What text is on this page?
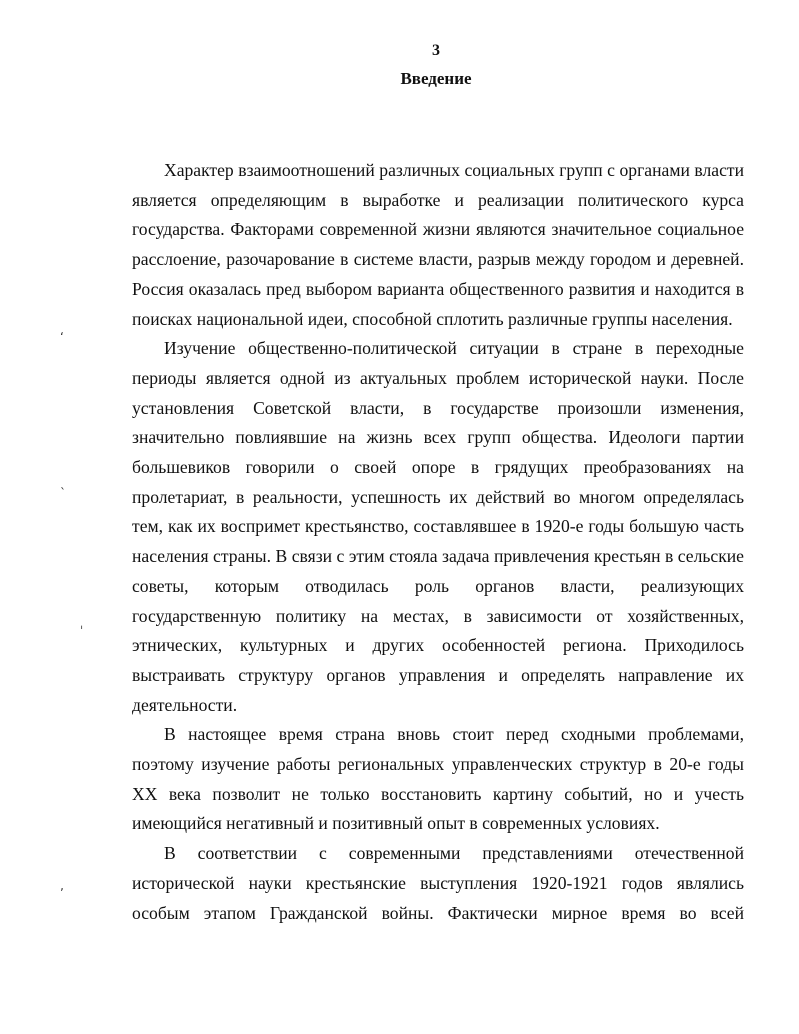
3
Введение

Характер взаимоотношений различных социальных групп с органами власти является определяющим в выработке и реализации политического курса государства. Факторами современной жизни являются значительное социальное расслоение, разочарование в системе власти, разрыв между городом и деревней. Россия оказалась пред выбором варианта общественного развития и находится в поисках национальной идеи, способной сплотить различные группы населения.

Изучение общественно-политической ситуации в стране в переходные периоды является одной из актуальных проблем исторической науки. После установления Советской власти, в государстве произошли изменения, значительно повлиявшие на жизнь всех групп общества. Идеологи партии большевиков говорили о своей опоре в грядущих преобразованиях на пролетариат, в реальности, успешность их действий во многом определялась тем, как их воспримет крестьянство, составлявшее в 1920-е годы большую часть населения страны. В связи с этим стояла задача привлечения крестьян в сельские советы, которым отводилась роль органов власти, реализующих государственную политику на местах, в зависимости от хозяйственных, этнических, культурных и других особенностей региона. Приходилось выстраивать структуру органов управления и определять направление их деятельности.

В настоящее время страна вновь стоит перед сходными проблемами, поэтому изучение работы региональных управленческих структур в 20-е годы XX века позволит не только восстановить картину событий, но и учесть имеющийся негативный и позитивный опыт в современных условиях.

В соответствии с современными представлениями отечественной исторической науки крестьянские выступления 1920-1921 годов являлись особым этапом Гражданской войны. Фактически мирное время во всей

ʻ
ˋ
ˈ
ʼ
